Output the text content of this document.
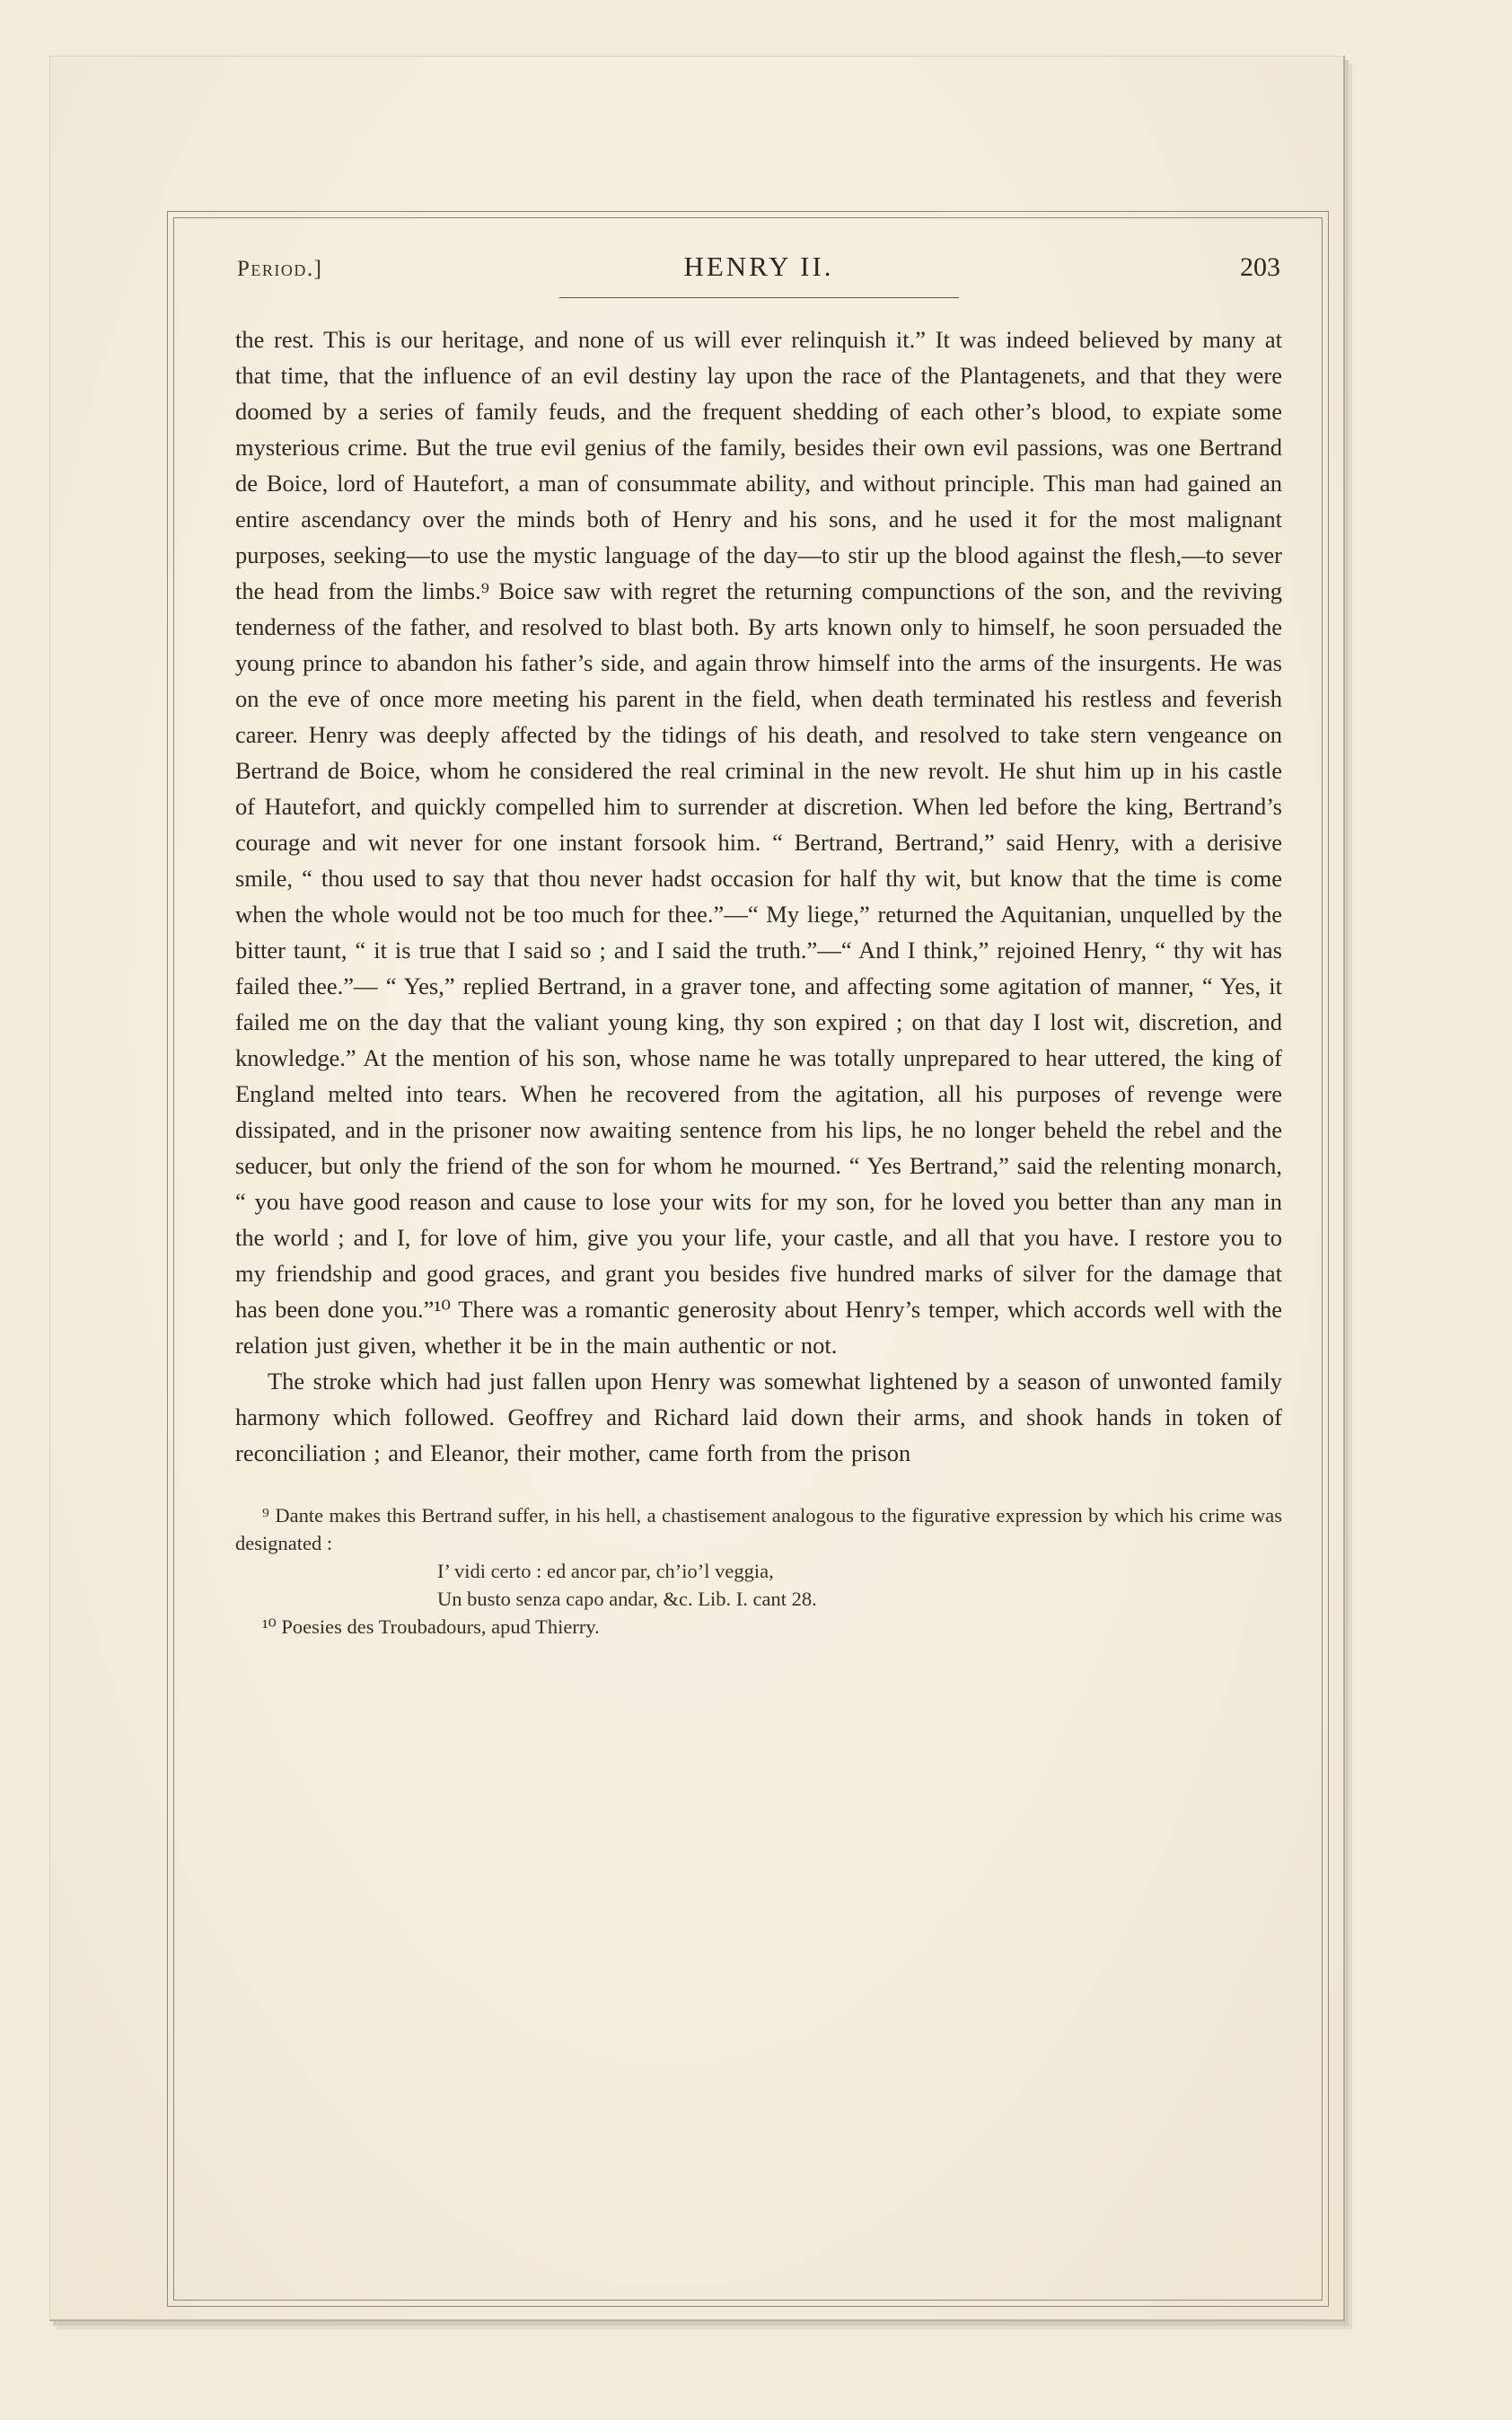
Period.]	HENRY II.	203

the rest. This is our heritage, and none of us will ever relinquish it.” It was indeed believed by many at that time, that the influence of an evil destiny lay upon the race of the Plantagenets, and that they were doomed by a series of family feuds, and the frequent shedding of each other’s blood, to expiate some mysterious crime. But the true evil genius of the family, besides their own evil passions, was one Bertrand de Boice, lord of Hautefort, a man of consummate ability, and without principle. This man had gained an entire ascendancy over the minds both of Henry and his sons, and he used it for the most malignant purposes, seeking—to use the mystic language of the day—to stir up the blood against the flesh,—to sever the head from the limbs.⁹ Boice saw with regret the returning compunctions of the son, and the reviving tenderness of the father, and resolved to blast both. By arts known only to himself, he soon persuaded the young prince to abandon his father’s side, and again throw himself into the arms of the insurgents. He was on the eve of once more meeting his parent in the field, when death terminated his restless and feverish career. Henry was deeply affected by the tidings of his death, and resolved to take stern vengeance on Bertrand de Boice, whom he considered the real criminal in the new revolt. He shut him up in his castle of Hautefort, and quickly compelled him to surrender at discretion. When led before the king, Bertrand’s courage and wit never for one instant forsook him. “ Bertrand, Bertrand,” said Henry, with a derisive smile, “ thou used to say that thou never hadst occasion for half thy wit, but know that the time is come when the whole would not be too much for thee.”—“ My liege,” returned the Aquitanian, unquelled by the bitter taunt, “ it is true that I said so ; and I said the truth.”—“ And I think,” rejoined Henry, “ thy wit has failed thee.”— “ Yes,” replied Bertrand, in a graver tone, and affecting some agitation of manner, “ Yes, it failed me on the day that the valiant young king, thy son expired ; on that day I lost wit, discretion, and knowledge.” At the mention of his son, whose name he was totally unprepared to hear uttered, the king of England melted into tears. When he recovered from the agitation, all his purposes of revenge were dissipated, and in the prisoner now awaiting sentence from his lips, he no longer beheld the rebel and the seducer, but only the friend of the son for whom he mourned. “ Yes Bertrand,” said the relenting monarch, “ you have good reason and cause to lose your wits for my son, for he loved you better than any man in the world ; and I, for love of him, give you your life, your castle, and all that you have. I restore you to my friendship and good graces, and grant you besides five hundred marks of silver for the damage that has been done you.”¹⁰ There was a romantic generosity about Henry’s temper, which accords well with the relation just given, whether it be in the main authentic or not.

The stroke which had just fallen upon Henry was somewhat lightened by a season of unwonted family harmony which followed. Geoffrey and Richard laid down their arms, and shook hands in token of reconciliation ; and Eleanor, their mother, came forth from the prison

⁹ Dante makes this Bertrand suffer, in his hell, a chastisement analogous to the figurative expression by which his crime was designated :

I’ vidi certo : ed ancor par, ch’io’l veggia,

Un busto senza capo andar, &c. Lib. I. cant 28.

¹⁰ Poesies des Troubadours, apud Thierry.
